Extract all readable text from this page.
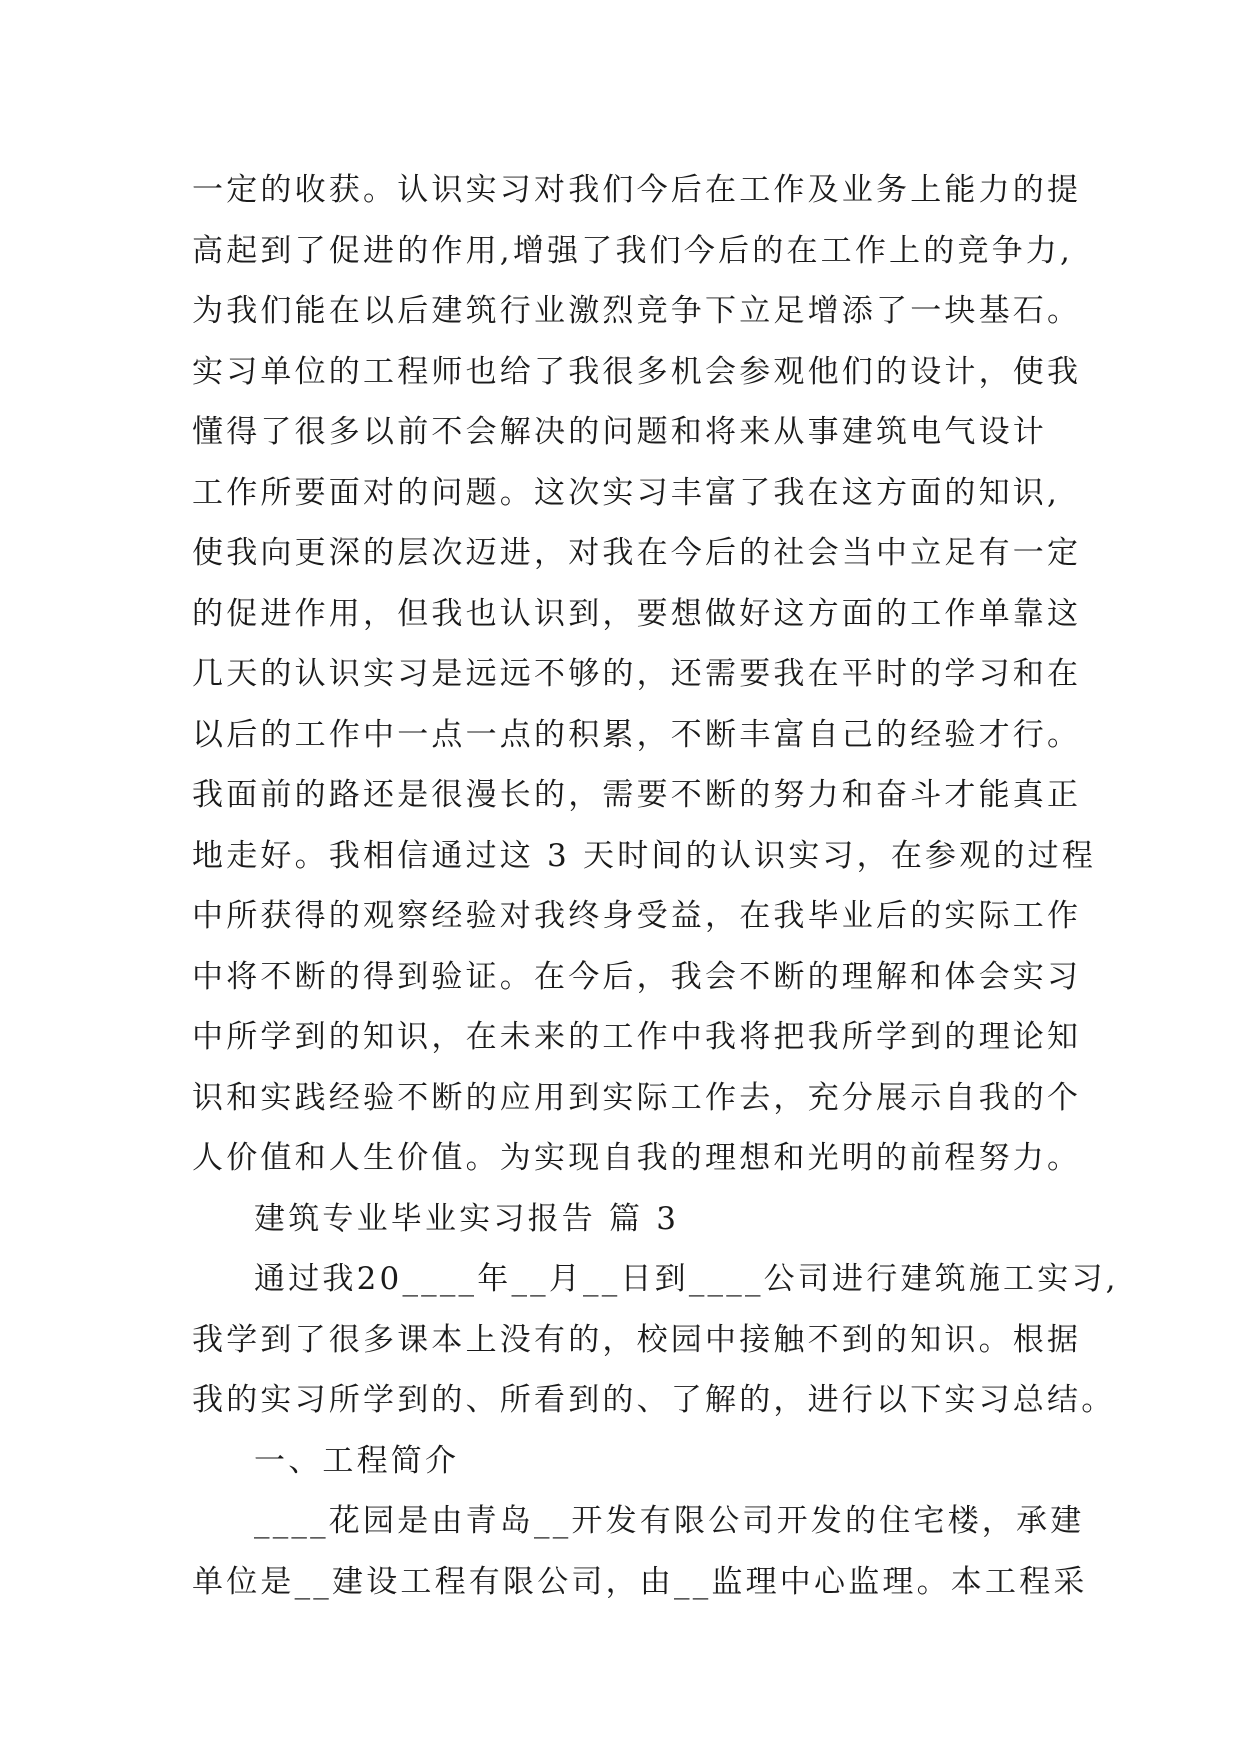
一定的收获。认识实习对我们今后在工作及业务上能力的提
高起到了促进的作用,增强了我们今后的在工作上的竞争力,
为我们能在以后建筑行业激烈竞争下立足增添了一块基石。
实习单位的工程师也给了我很多机会参观他们的设计，使我
懂得了很多以前不会解决的问题和将来从事建筑电气设计
工作所要面对的问题。这次实习丰富了我在这方面的知识,
使我向更深的层次迈进，对我在今后的社会当中立足有一定
的促进作用，但我也认识到，要想做好这方面的工作单靠这
几天的认识实习是远远不够的，还需要我在平时的学习和在
以后的工作中一点一点的积累，不断丰富自己的经验才行。
我面前的路还是很漫长的，需要不断的努力和奋斗才能真正
地走好。我相信通过这 3 天时间的认识实习，在参观的过程
中所获得的观察经验对我终身受益，在我毕业后的实际工作
中将不断的得到验证。在今后，我会不断的理解和体会实习
中所学到的知识，在未来的工作中我将把我所学到的理论知
识和实践经验不断的应用到实际工作去，充分展示自我的个
人价值和人生价值。为实现自我的理想和光明的前程努力。
建筑专业毕业实习报告 篇 3
通过我20____年__月__日到____公司进行建筑施工实习,
我学到了很多课本上没有的，校园中接触不到的知识。根据
我的实习所学到的、所看到的、了解的，进行以下实习总结。
一、工程简介
____花园是由青岛__开发有限公司开发的住宅楼，承建
单位是__建设工程有限公司，由__监理中心监理。本工程采
